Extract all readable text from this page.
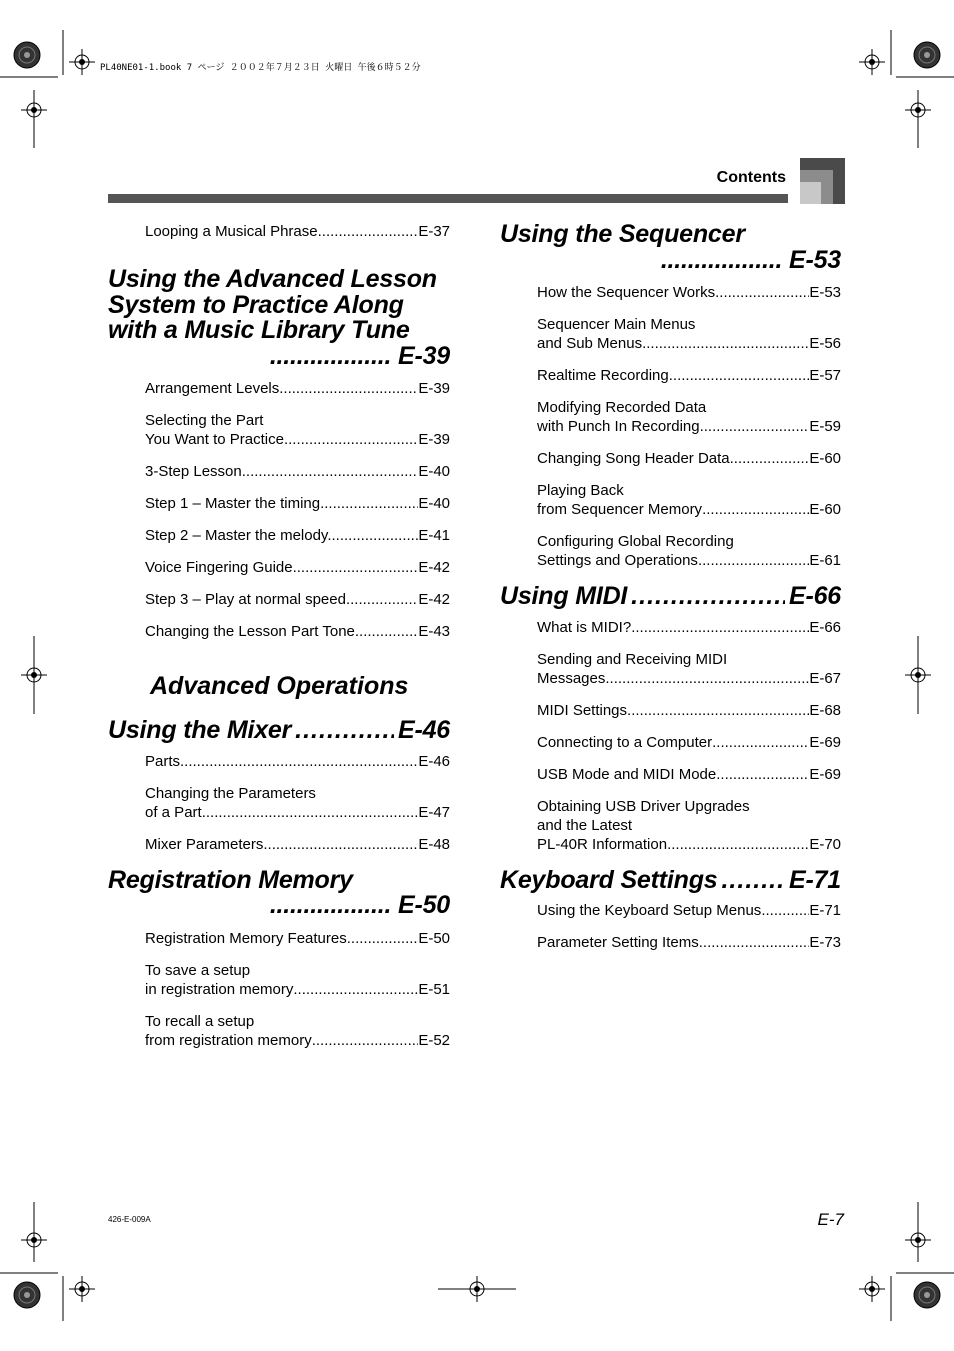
PL40NE01-1.book 7 ページ ２００２年７月２３日 火曜日 午後６時５２分
Contents
Looping a Musical Phrase .....	E-37
Using the Advanced Lesson
System to Practice Along
with a Music Library Tune
.................. E-39
Arrangement Levels .....	E-39
Selecting the Part
You Want to Practice .....	E-39
3-Step Lesson .....	E-40
Step 1 – Master the timing. .....	E-40
Step 2 – Master the melody. .....	E-41
Voice Fingering Guide .....	E-42
Step 3 – Play at normal speed. .....	E-42
Changing the Lesson Part Tone .....	E-43
Advanced Operations
Using the Mixer .....	E-46
Parts .....	E-46
Changing the Parameters
of a Part .....	E-47
Mixer Parameters .....	E-48
Registration Memory
.................. E-50
Registration Memory Features .....	E-50
To save a setup
in registration memory .....	E-51
To recall a setup
from registration memory .....	E-52
Using the Sequencer
.................. E-53
How the Sequencer Works .....	E-53
Sequencer Main Menus
and Sub Menus .....	E-56
Realtime Recording .....	E-57
Modifying Recorded Data
with Punch In Recording .....	E-59
Changing Song Header Data .....	E-60
Playing Back
from Sequencer Memory .....	E-60
Configuring Global Recording
Settings and Operations .....	E-61
Using MIDI .....	E-66
What is MIDI? .....	E-66
Sending and Receiving MIDI
Messages .....	E-67
MIDI Settings .....	E-68
Connecting to a Computer .....	E-69
USB Mode and MIDI Mode .....	E-69
Obtaining USB Driver Upgrades
and the Latest
PL-40R Information .....	E-70
Keyboard Settings .....	E-71
Using the Keyboard Setup Menus .....	E-71
Parameter Setting Items .....	E-73
426-E-009A	E-7
